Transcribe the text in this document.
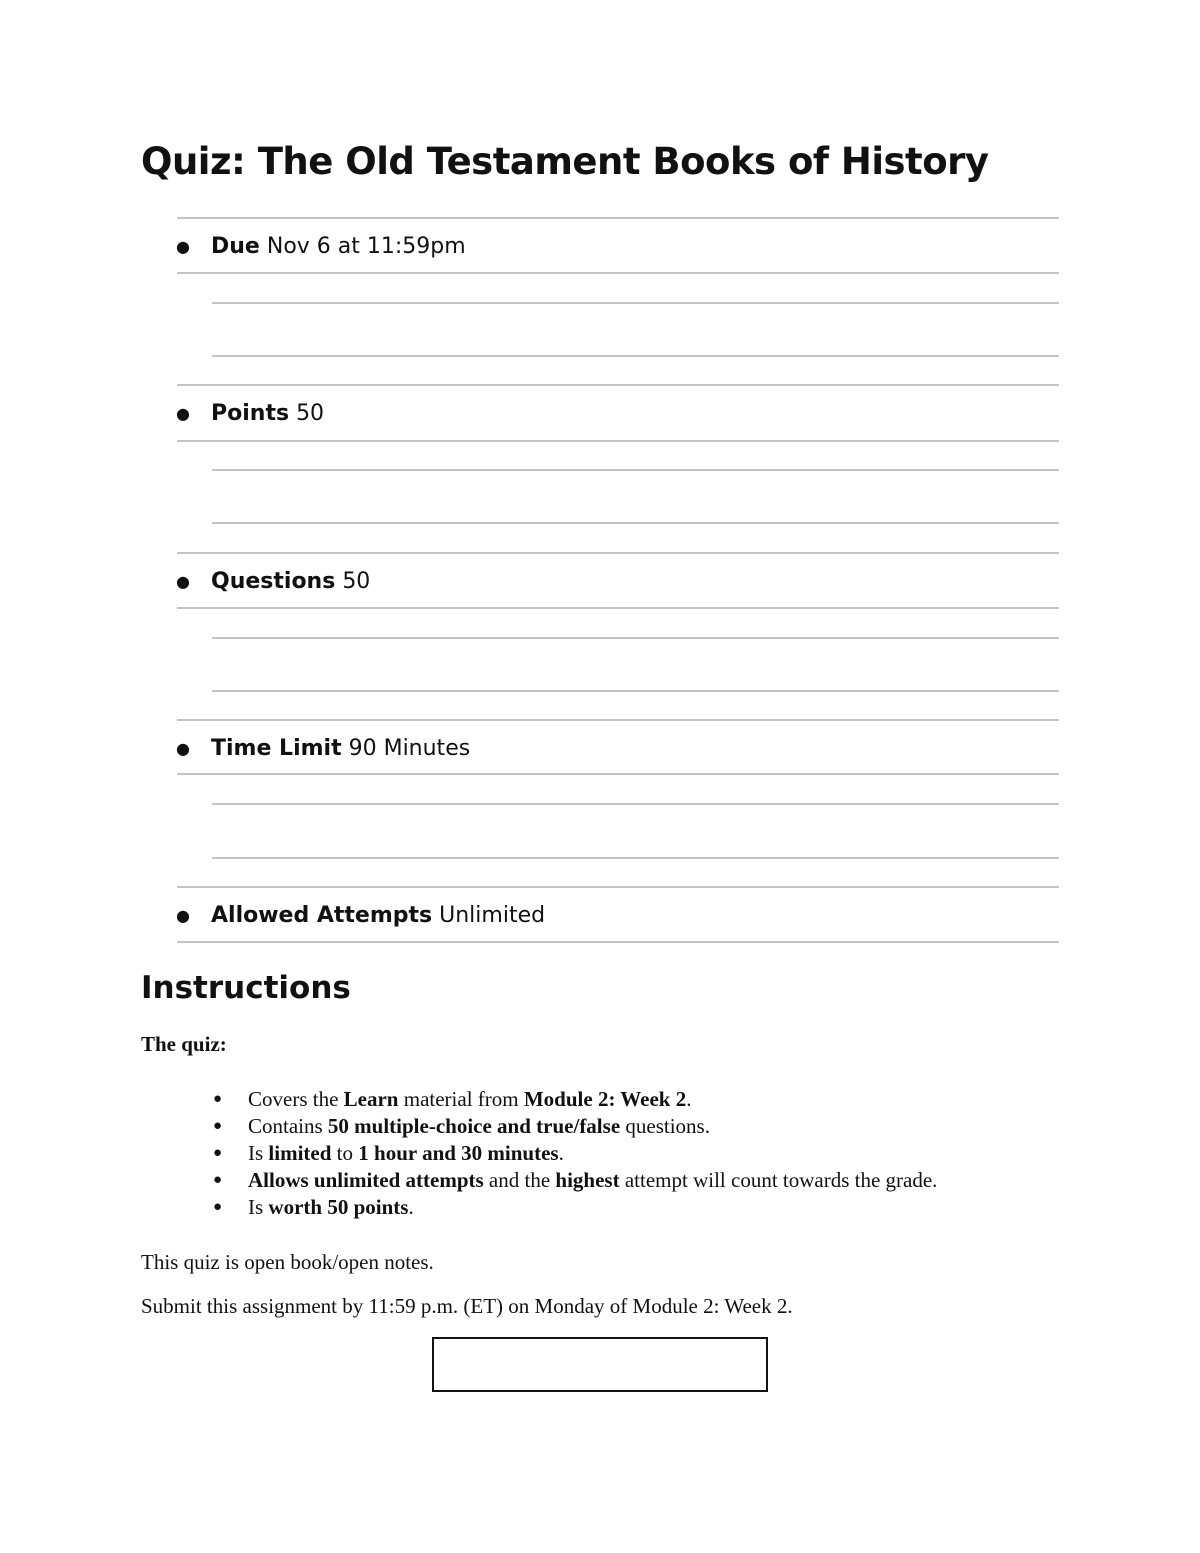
Quiz: The Old Testament Books of History
● Due Nov 6 at 11:59pm
● Points 50
● Questions 50
● Time Limit 90 Minutes
● Allowed Attempts Unlimited
Instructions
The quiz:
● Covers the Learn material from Module 2: Week 2.
● Contains 50 multiple-choice and true/false questions.
● Is limited to 1 hour and 30 minutes.
● Allows unlimited attempts and the highest attempt will count towards the grade.
● Is worth 50 points.
This quiz is open book/open notes.
Submit this assignment by 11:59 p.m. (ET) on Monday of Module 2: Week 2.
